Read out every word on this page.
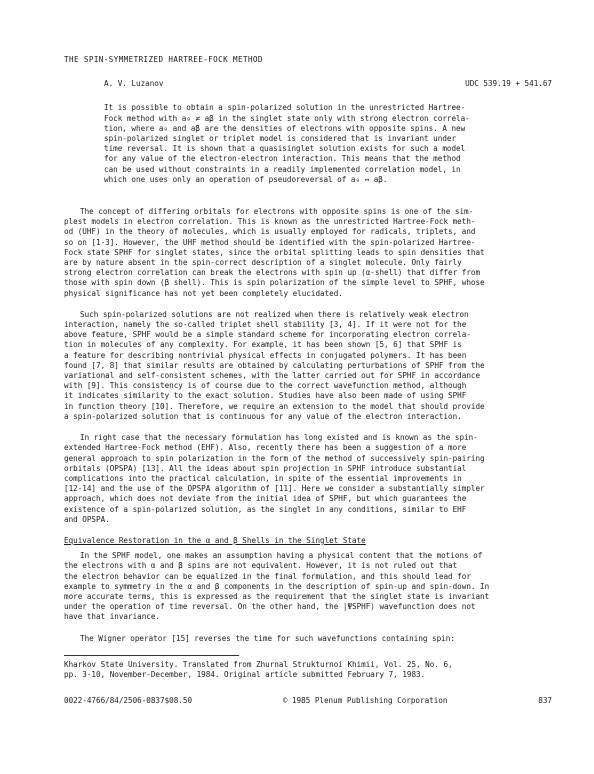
THE SPIN-SYMMETRIZED HARTREE-FOCK METHOD
A. V. Luzanov	UDC 539.19 + 541.67

It is possible to obtain a spin-polarized solution in the unrestricted Hartree-
Fock method with a₉ ≠ aβ in the singlet state only with strong electron correla-
tion, where a₉ and aβ are the densities of electrons with opposite spins. A new
spin-polarized singlet or triplet model is considered that is invariant under
time reversal. It is shown that a quasisinglet solution exists for such a model
for any value of the electron-electron interaction. This means that the method
can be used without constraints in a readily implemented correlation model, in
which one uses only an operation of pseudoreversal of a₉ ↔ aβ.

The concept of differing orbitals for electrons with opposite spins is one of the sim-
plest models in electron correlation. This is known as the unrestricted Hartree-Fock meth-
od (UHF) in the theory of molecules, which is usually employed for radicals, triplets, and
so on [1-3]. However, the UHF method should be identified with the spin-polarized Hartree-
Fock state SPHF for singlet states, since the orbital splitting leads to spin densities that
are by nature absent in the spin-correct description of a singlet molecule. Only fairly
strong electron correlation can break the electrons with spin up (α-shell) that differ from
those with spin down (β shell). This is spin polarization of the simple level to SPHF, whose
physical significance has not yet been completely elucidated.

Such spin-polarized solutions are not realized when there is relatively weak electron
interaction, namely the so-called triplet shell stability [3, 4]. If it were not for the
above feature, SPHF would be a simple standard scheme for incorporating electron correla-
tion in molecules of any complexity. For example, it has been shown [5, 6] that SPHF is
a feature for describing nontrivial physical effects in conjugated polymers. It has been
found [7, 8] that similar results are obtained by calculating perturbations of SPHF from the
variational and self-consistent schemes, with the latter carried out for SPHF in accordance
with [9]. This consistency is of course due to the correct wavefunction method, although
it indicates similarity to the exact solution. Studies have also been made of using SPHF
in function theory [10]. Therefore, we require an extension to the model that should provide
a spin-polarized solution that is continuous for any value of the electron interaction.

In right case that the necessary formulation has long existed and is known as the spin-
extended Hartree-Fock method (EHF). Also, recently there has been a suggestion of a more
general approach to spin polarization in the form of the method of successively spin-pairing
orbitals (OPSPA) [13]. All the ideas about spin projection in SPHF introduce substantial
complications into the practical calculation, in spite of the essential improvements in
[12-14] and the use of the OPSPA algorithm of [11]. Here we consider a substantially simpler
approach, which does not deviate from the initial idea of SPHF, but which guarantees the
existence of a spin-polarized solution, as the singlet in any conditions, similar to EHF
and OPSPA.

Equivalence Restoration in the α and β Shells in the Singlet State

In the SPHF model, one makes an assumption having a physical content that the motions of
the electrons with α and β spins are not equivalent. However, it is not ruled out that
the electron behavior can be equalized in the final formulation, and this should lead for
example to symmetry in the α and β components in the description of spin-up and spin-down. In
more accurate terms, this is expressed as the requirement that the singlet state is invariant
under the operation of time reversal. On the other hand, the |ΨSPHF⟩ wavefunction does not
have that invariance.

The Wigner operator [15] reverses the time for such wavefunctions containing spin:

Kharkov State University. Translated from Zhurnal Strukturnoi Khimii, Vol. 25, No. 6,
pp. 3-10, November-December, 1984. Original article submitted February 7, 1983.
0022-4766/84/2506-0837$08.50	© 1985 Plenum Publishing Corporation	837
